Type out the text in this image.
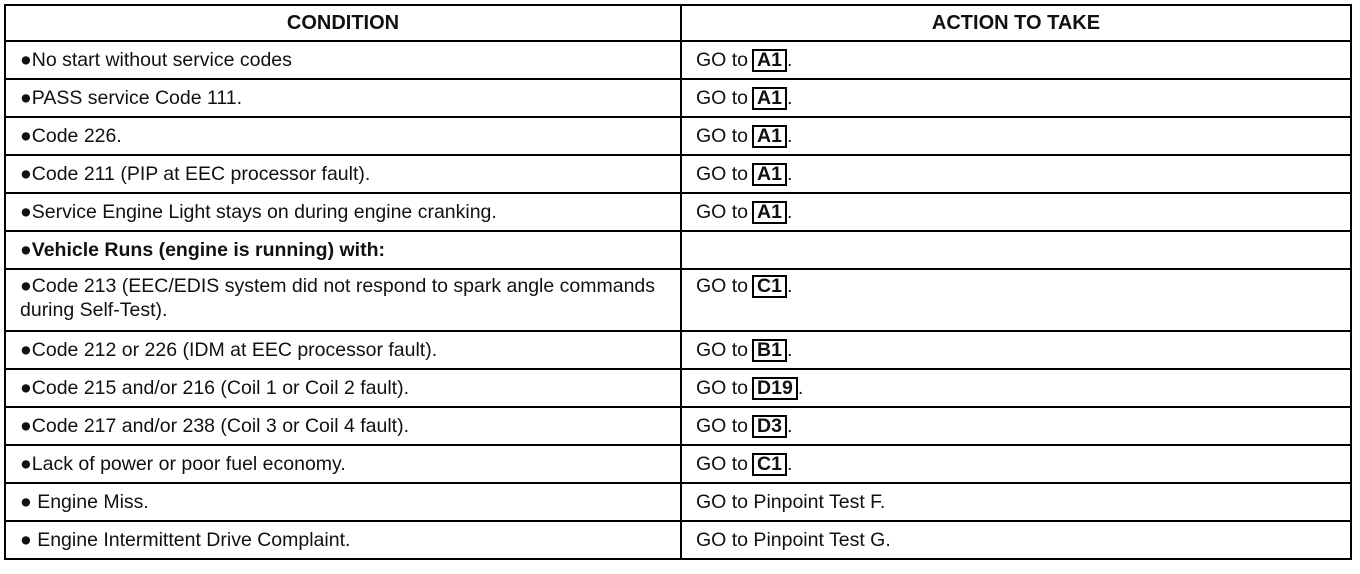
CONDITION	ACTION TO TAKE
●No start without service codes	GO to A1 .
●PASS service Code 111.	GO to A1 .
●Code 226.	GO to A1 .
●Code 211 (PIP at EEC processor fault).	GO to A1 .
●Service Engine Light stays on during engine cranking.	GO to A1 .
●Vehicle Runs (engine is running) with:	
●Code 213 (EEC/EDIS system did not respond to spark angle commands during Self-Test).	GO to C1 .
●Code 212 or 226 (IDM at EEC processor fault).	GO to B1 .
●Code 215 and/or 216 (Coil 1 or Coil 2 fault).	GO to D19 .
●Code 217 and/or 238 (Coil 3 or Coil 4 fault).	GO to D3 .
●Lack of power or poor fuel economy.	GO to C1 .
● Engine Miss.	GO to Pinpoint Test F.
● Engine Intermittent Drive Complaint.	GO to Pinpoint Test G.
